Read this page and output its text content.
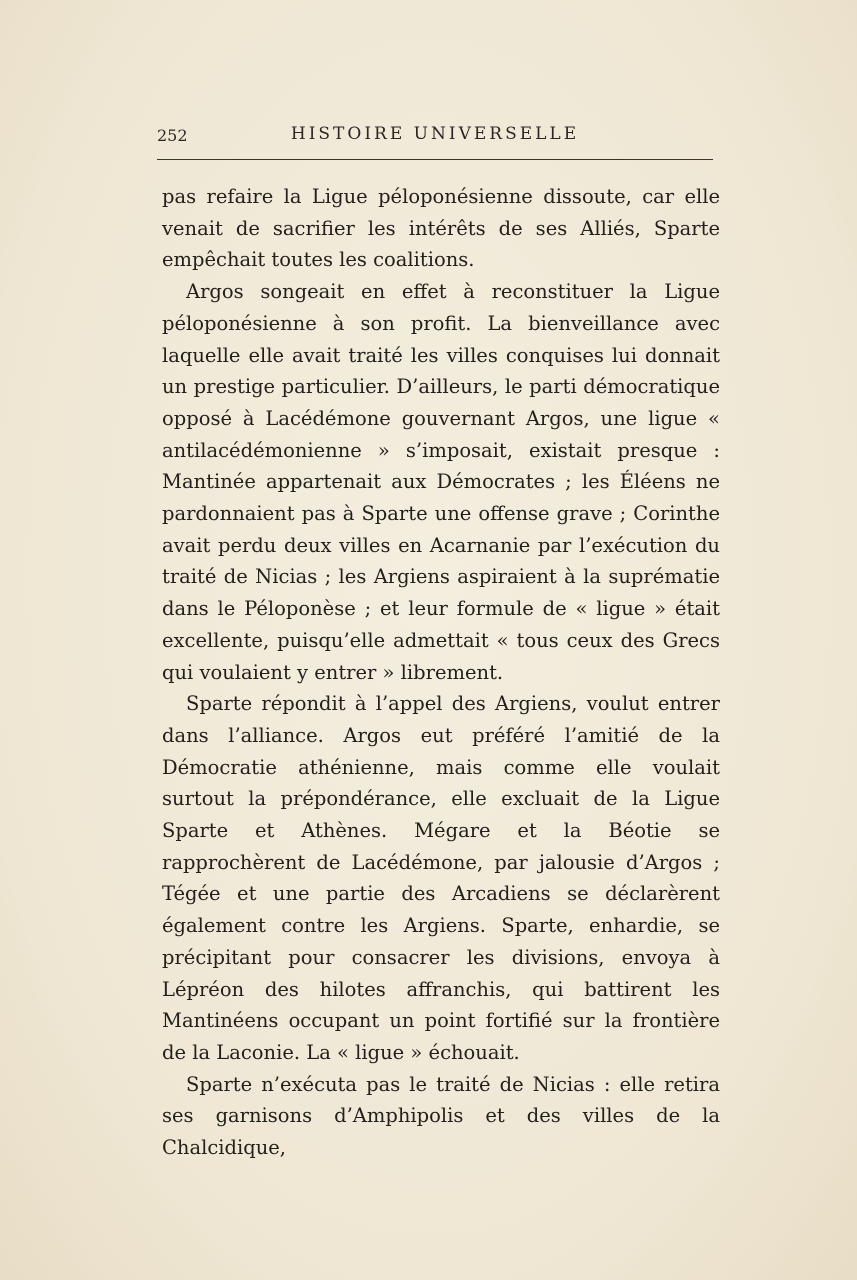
252	HISTOIRE UNIVERSELLE

pas refaire la Ligue péloponésienne dissoute, car elle venait de sacrifier les intérêts de ses Alliés, Sparte empêchait toutes les coalitions.

Argos songeait en effet à reconstituer la Ligue péloponésienne à son profit. La bienveillance avec laquelle elle avait traité les villes conquises lui donnait un prestige particulier. D’ailleurs, le parti démocratique opposé à Lacédémone gouvernant Argos, une ligue « antilacédémonienne » s’imposait, existait presque : Mantinée appartenait aux Démocrates ; les Éléens ne pardonnaient pas à Sparte une offense grave ; Corinthe avait perdu deux villes en Acarnanie par l’exécution du traité de Nicias ; les Argiens aspiraient à la suprématie dans le Péloponèse ; et leur formule de « ligue » était excellente, puisqu’elle admettait « tous ceux des Grecs qui voulaient y entrer » librement.

Sparte répondit à l’appel des Argiens, voulut entrer dans l’alliance. Argos eut préféré l’amitié de la Démocratie athénienne, mais comme elle voulait surtout la prépondérance, elle excluait de la Ligue Sparte et Athènes. Mégare et la Béotie se rapprochèrent de Lacédémone, par jalousie d’Argos ; Tégée et une partie des Arcadiens se déclarèrent également contre les Argiens. Sparte, enhardie, se précipitant pour consacrer les divisions, envoya à Lépréon des hilotes affranchis, qui battirent les Mantinéens occupant un point fortifié sur la frontière de la Laconie. La « ligue » échouait.

Sparte n’exécuta pas le traité de Nicias : elle retira ses garnisons d’Amphipolis et des villes de la Chalcidique,
